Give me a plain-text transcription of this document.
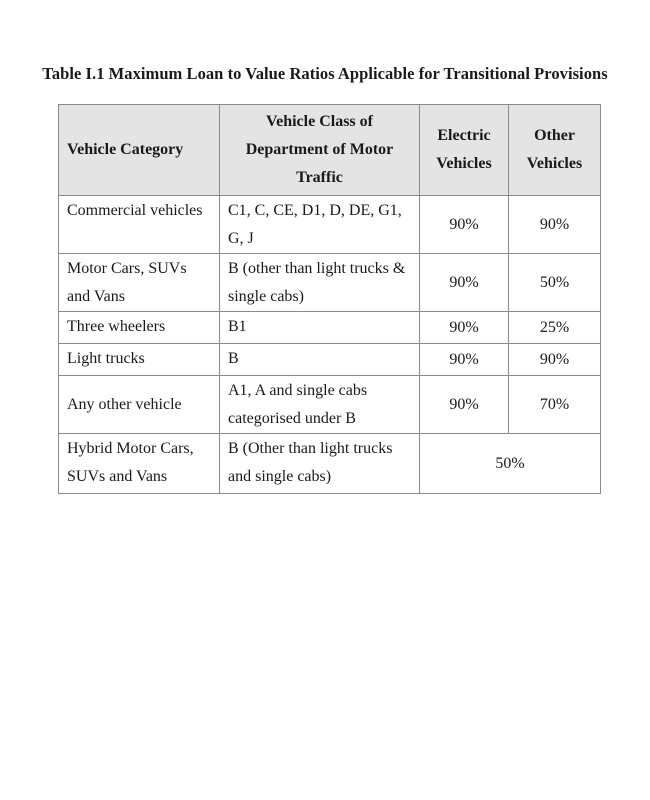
Table I.1 Maximum Loan to Value Ratios Applicable for Transitional Provisions
Vehicle Category	Vehicle Class of Department of Motor Traffic	Electric Vehicles	Other Vehicles
Commercial vehicles	C1, C, CE, D1, D, DE, G1, G, J	90%	90%
Motor Cars, SUVs and Vans	B (other than light trucks & single cabs)	90%	50%
Three wheelers	B1	90%	25%
Light trucks	B	90%	90%
Any other vehicle	A1, A and single cabs categorised under B	90%	70%
Hybrid Motor Cars, SUVs and Vans	B (Other than light trucks and single cabs)	50%	
